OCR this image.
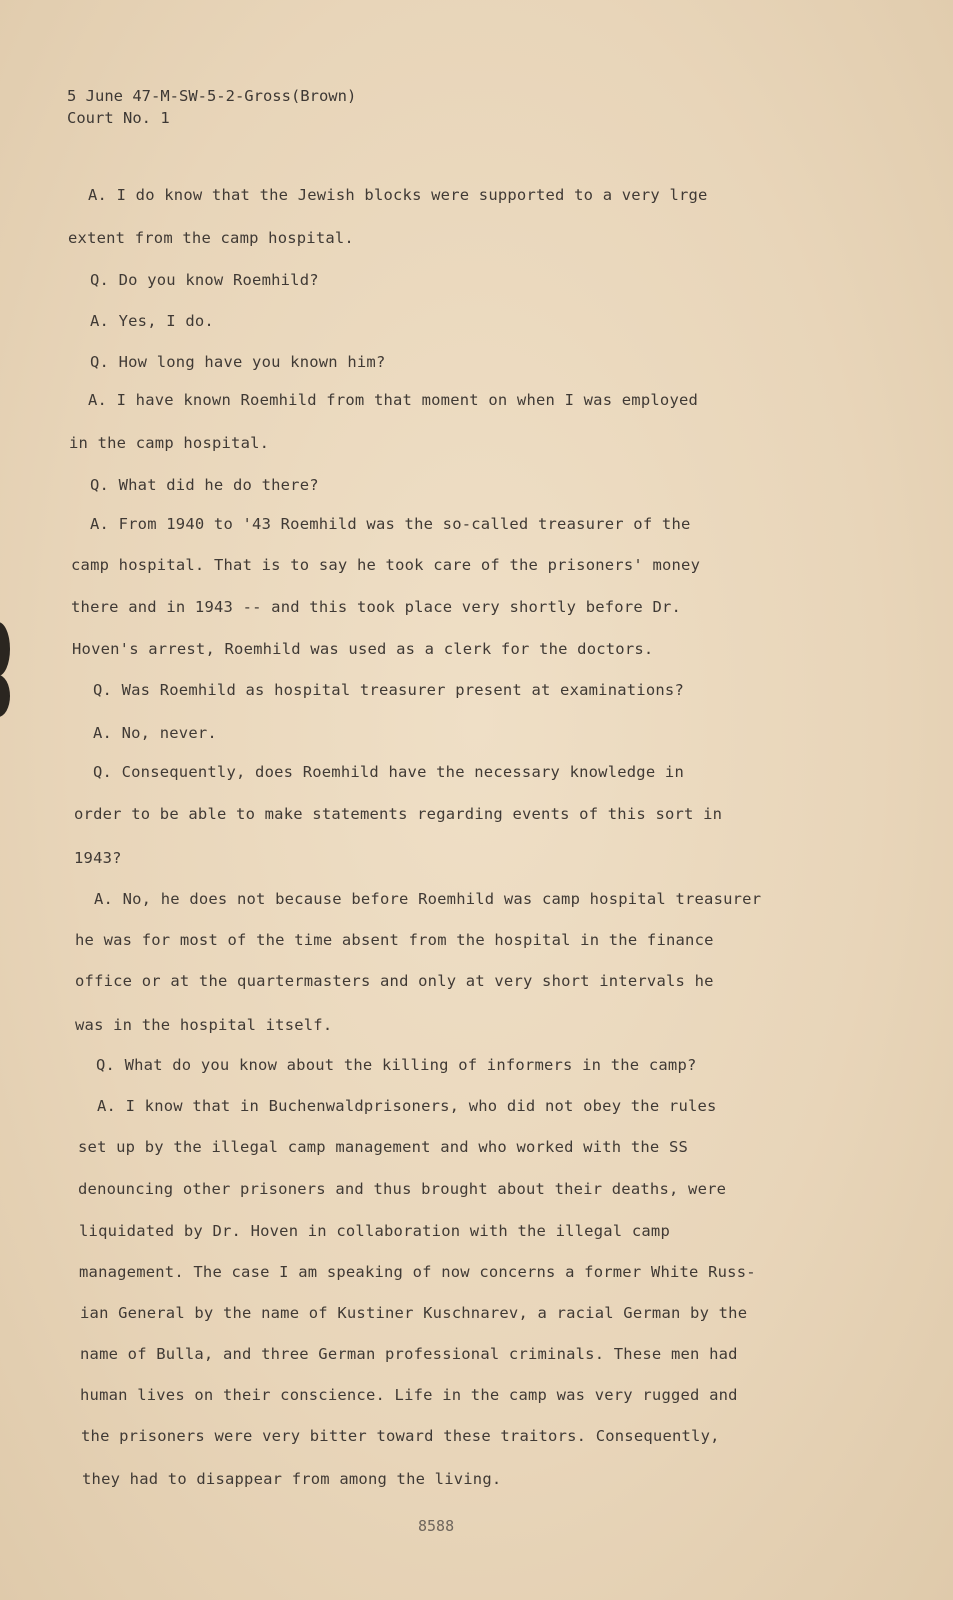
5 June 47-M-SW-5-2-Gross(Brown)
Court No. 1
A. I do know that the Jewish blocks were supported to a very lrge
extent from the camp hospital.
Q. Do you know Roemhild?
A. Yes, I do.
Q. How long have you known him?
A. I have known Roemhild from that moment on when I was employed
in the camp hospital.
Q. What did he do there?
A. From 1940 to '43 Roemhild was the so-called treasurer of the
camp hospital. That is to say he took care of the prisoners' money
there and in 1943 -- and this took place very shortly before Dr.
Hoven's arrest, Roemhild was used as a clerk for the doctors.
Q. Was Roemhild as hospital treasurer present at examinations?
A. No, never.
Q. Consequently, does Roemhild have the necessary knowledge in
order to be able to make statements regarding events of this sort in
1943?
A. No, he does not because before Roemhild was camp hospital treasurer
he was for most of the time absent from the hospital in the finance
office or at the quartermasters and only at very short intervals he
was in the hospital itself.
Q. What do you know about the killing of informers in the camp?
A. I know that in Buchenwaldprisoners, who did not obey the rules
set up by the illegal camp management and who worked with the SS
denouncing other prisoners and thus brought about their deaths, were
liquidated by Dr. Hoven in collaboration with the illegal camp
management. The case I am speaking of now concerns a former White Russ-
ian General by the name of Kustiner Kuschnarev, a racial German by the
name of Bulla, and three German professional criminals. These men had
human lives on their conscience. Life in the camp was very rugged and
the prisoners were very bitter toward these traitors. Consequently,
they had to disappear from among the living.
8588
